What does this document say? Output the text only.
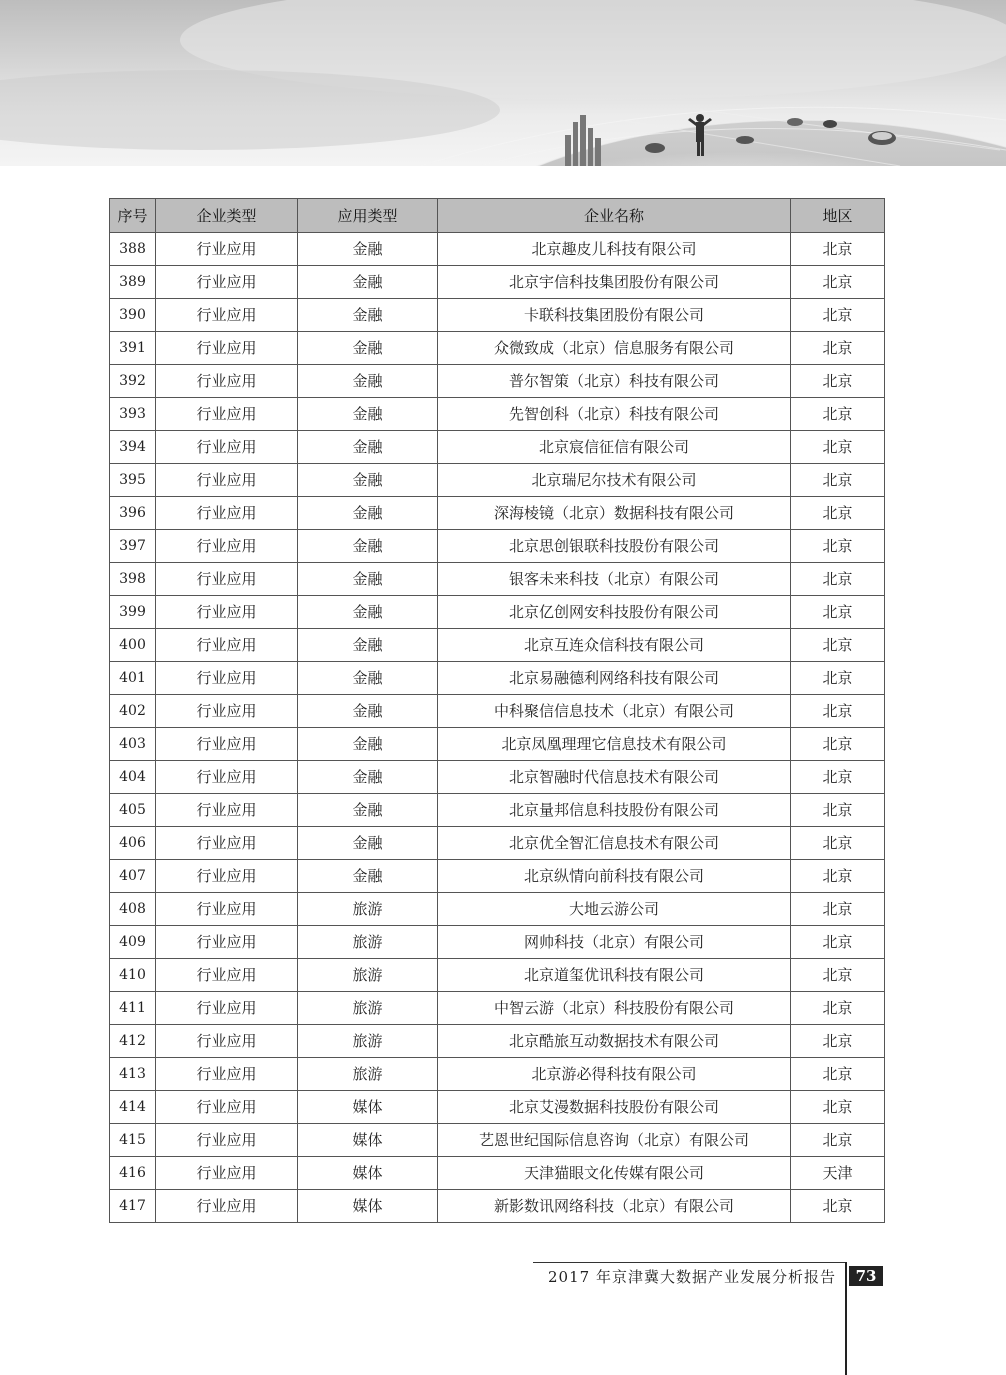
序号	企业类型	应用类型	企业名称	地区
388	行业应用	金融	北京趣皮儿科技有限公司	北京
389	行业应用	金融	北京宇信科技集团股份有限公司	北京
390	行业应用	金融	卡联科技集团股份有限公司	北京
391	行业应用	金融	众微致成（北京）信息服务有限公司	北京
392	行业应用	金融	普尔智策（北京）科技有限公司	北京
393	行业应用	金融	先智创科（北京）科技有限公司	北京
394	行业应用	金融	北京宸信征信有限公司	北京
395	行业应用	金融	北京瑞尼尔技术有限公司	北京
396	行业应用	金融	深海棱镜（北京）数据科技有限公司	北京
397	行业应用	金融	北京思创银联科技股份有限公司	北京
398	行业应用	金融	银客未来科技（北京）有限公司	北京
399	行业应用	金融	北京亿创网安科技股份有限公司	北京
400	行业应用	金融	北京互连众信科技有限公司	北京
401	行业应用	金融	北京易融德利网络科技有限公司	北京
402	行业应用	金融	中科聚信信息技术（北京）有限公司	北京
403	行业应用	金融	北京凤凰理理它信息技术有限公司	北京
404	行业应用	金融	北京智融时代信息技术有限公司	北京
405	行业应用	金融	北京量邦信息科技股份有限公司	北京
406	行业应用	金融	北京优全智汇信息技术有限公司	北京
407	行业应用	金融	北京纵情向前科技有限公司	北京
408	行业应用	旅游	大地云游公司	北京
409	行业应用	旅游	网帅科技（北京）有限公司	北京
410	行业应用	旅游	北京道玺优讯科技有限公司	北京
411	行业应用	旅游	中智云游（北京）科技股份有限公司	北京
412	行业应用	旅游	北京酷旅互动数据技术有限公司	北京
413	行业应用	旅游	北京游必得科技有限公司	北京
414	行业应用	媒体	北京艾漫数据科技股份有限公司	北京
415	行业应用	媒体	艺恩世纪国际信息咨询（北京）有限公司	北京
416	行业应用	媒体	天津猫眼文化传媒有限公司	天津
417	行业应用	媒体	新影数讯网络科技（北京）有限公司	北京
2017 年京津冀大数据产业发展分析报告	73
